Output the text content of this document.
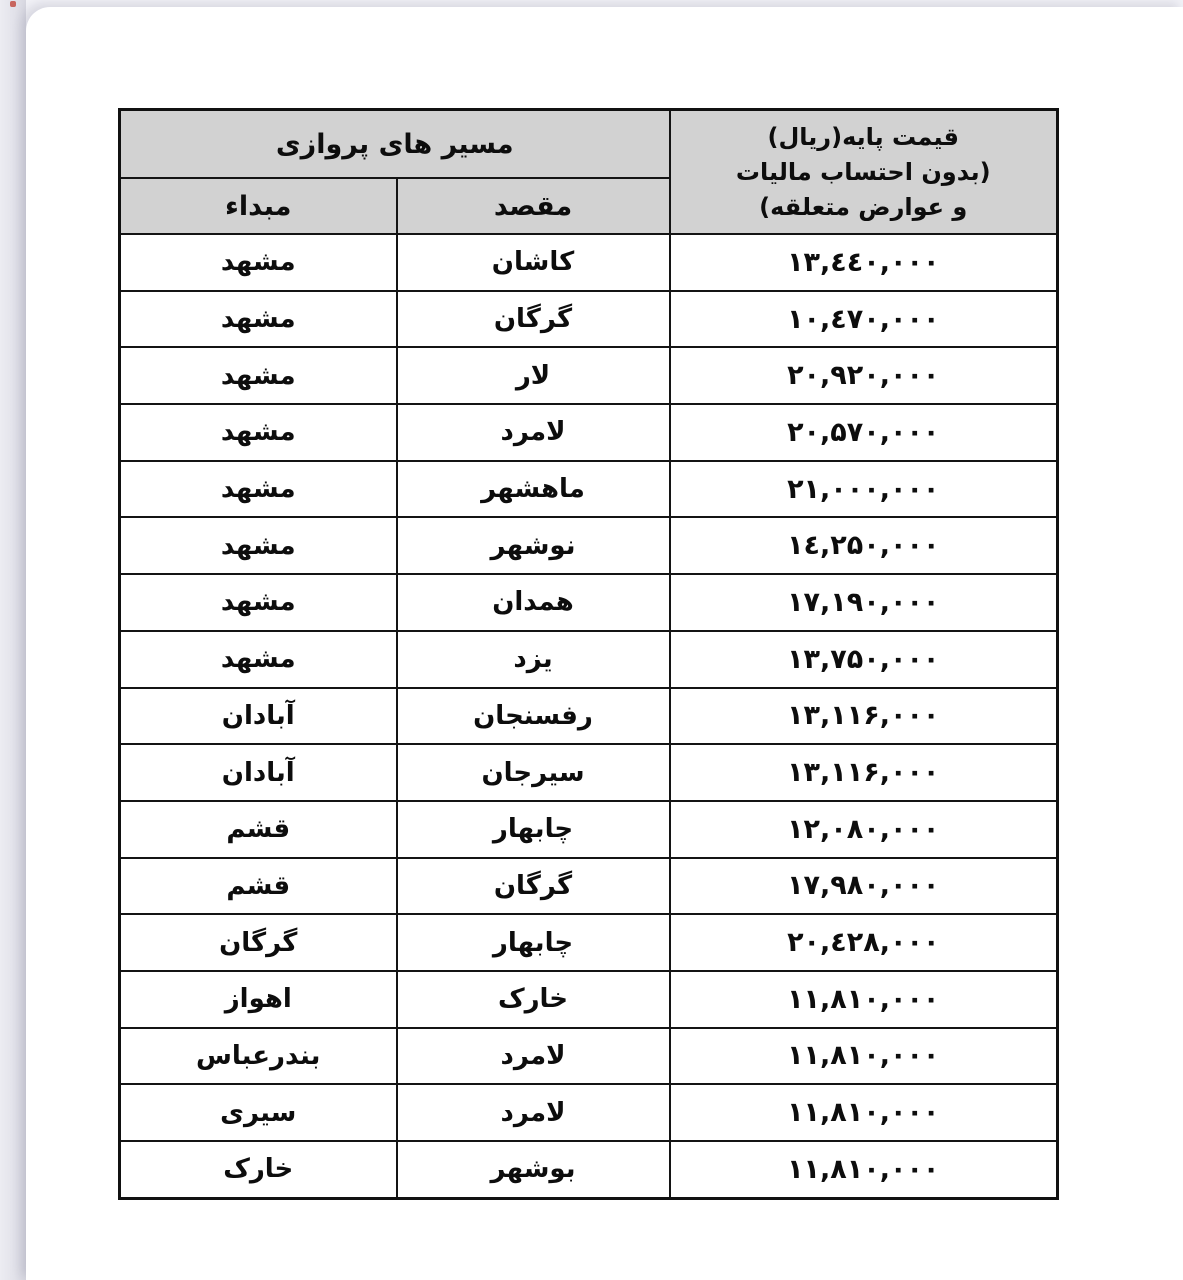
قیمت پایه(ریال)
(بدون احتساب مالیات
و عوارض متعلقه)	مسیر های پروازی	
	مقصد	مبداء
۱۳,٤٤۰,۰۰۰	کاشان	مشهد
۱۰,٤۷۰,۰۰۰	گرگان	مشهد
۲۰,۹۲۰,۰۰۰	لار	مشهد
۲۰,۵۷۰,۰۰۰	لامرد	مشهد
۲۱,۰۰۰,۰۰۰	ماهشهر	مشهد
۱٤,۲۵۰,۰۰۰	نوشهر	مشهد
۱۷,۱۹۰,۰۰۰	همدان	مشهد
۱۳,۷۵۰,۰۰۰	یزد	مشهد
۱۳,۱۱۶,۰۰۰	رفسنجان	آبادان
۱۳,۱۱۶,۰۰۰	سیرجان	آبادان
۱۲,۰۸۰,۰۰۰	چابهار	قشم
۱۷,۹۸۰,۰۰۰	گرگان	قشم
۲۰,٤۲۸,۰۰۰	چابهار	گرگان
۱۱,۸۱۰,۰۰۰	خارک	اهواز
۱۱,۸۱۰,۰۰۰	لامرد	بندرعباس
۱۱,۸۱۰,۰۰۰	لامرد	سیری
۱۱,۸۱۰,۰۰۰	بوشهر	خارک
